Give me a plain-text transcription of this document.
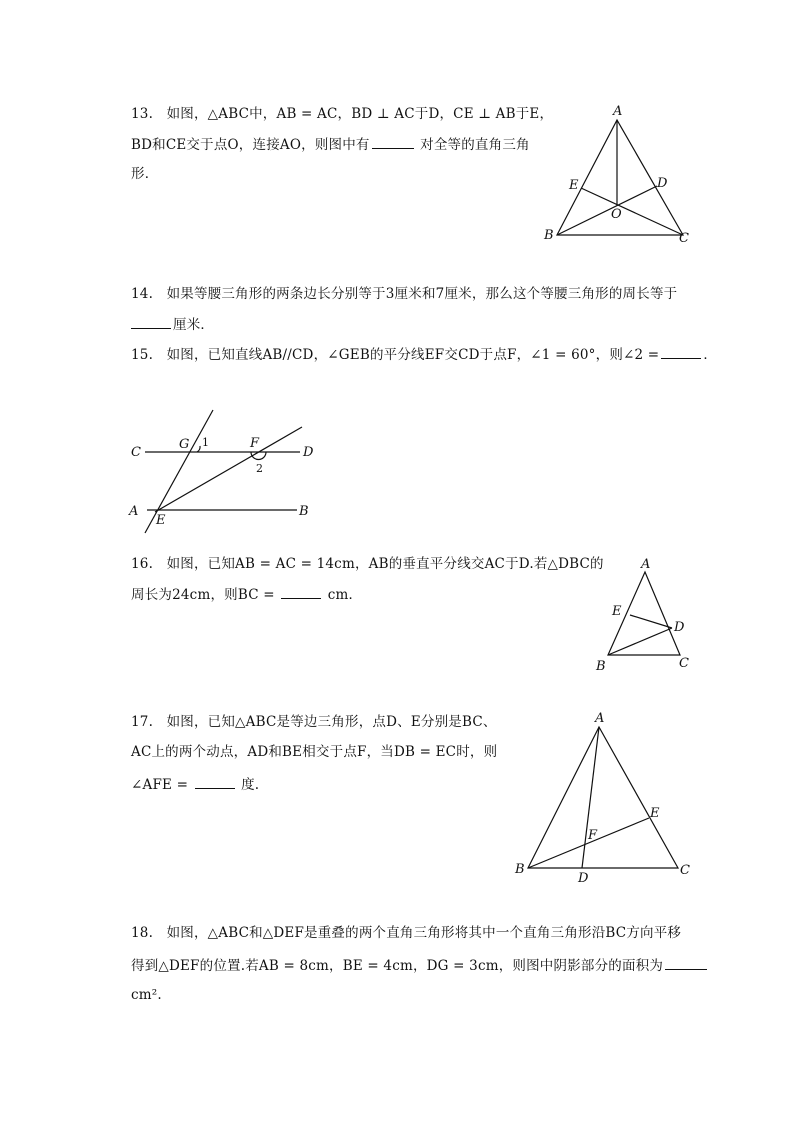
13. 如图，△ABC中，AB = AC，BD ⊥ AC于D，CE ⊥ AB于E，
BD和CE交于点O，连接AO，则图中有	对全等的直角三角
形．
A
B	C
D
E
O
14. 如果等腰三角形的两条边长分别等于3厘米和7厘米，那么这个等腰三角形的周长等于
厘米．
15. 如图，已知直线AB//CD，∠GEB的平分线EF交CD于点F，∠1 = 60°，则∠2 =	．
C
G 1	F
D
2
A
E
B
16. 如图，已知AB = AC = 14cm，AB的垂直平分线交AC于D.若△DBC的
周长为24cm，则BC =	cm．
A
E
D
B	C
17. 如图，已知△ABC是等边三角形，点D、E分别是BC、
AC上的两个动点，AD和BE相交于点F，当DB = EC时，则
∠AFE =	度.
A
E
F
B
D
C
18. 如图，△ABC和△DEF是重叠的两个直角三角形将其中一个直角三角形沿BC方向平移
得到△DEF的位置.若AB = 8cm，BE = 4cm，DG = 3cm，则图中阴影部分的面积为
cm².
